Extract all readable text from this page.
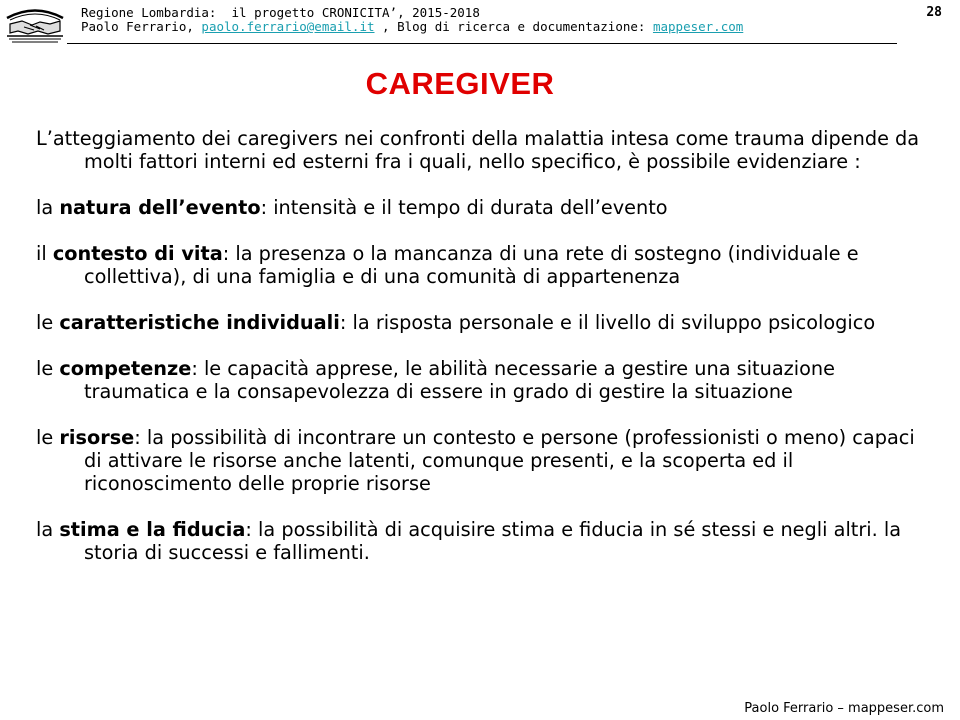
Regione Lombardia:  il progetto CRONICITA’, 2015-2018
Paolo Ferrario, paolo.ferrario@email.it , Blog di ricerca e documentazione: mappeser.com
28
CAREGIVER

L’atteggiamento dei caregivers nei confronti della malattia intesa come trauma dipende da molti fattori interni ed esterni fra i quali, nello specifico, è possibile evidenziare :

la natura dell’evento: intensità e il tempo di durata dell’evento

il contesto di vita: la presenza o la mancanza di una rete di sostegno (individuale e collettiva), di una famiglia e di una comunità di appartenenza

le caratteristiche individuali: la risposta personale e il livello di sviluppo psicologico

le competenze: le capacità apprese, le abilità necessarie a gestire una situazione traumatica e la consapevolezza di essere in grado di gestire la situazione

le risorse: la possibilità di incontrare un contesto e persone (professionisti o meno) capaci di attivare le risorse anche latenti, comunque presenti, e la scoperta ed il riconoscimento delle proprie risorse

la stima e la fiducia: la possibilità di acquisire stima e fiducia in sé stessi e negli altri. la storia di successi e fallimenti.

Paolo Ferrario – mappeser.com
